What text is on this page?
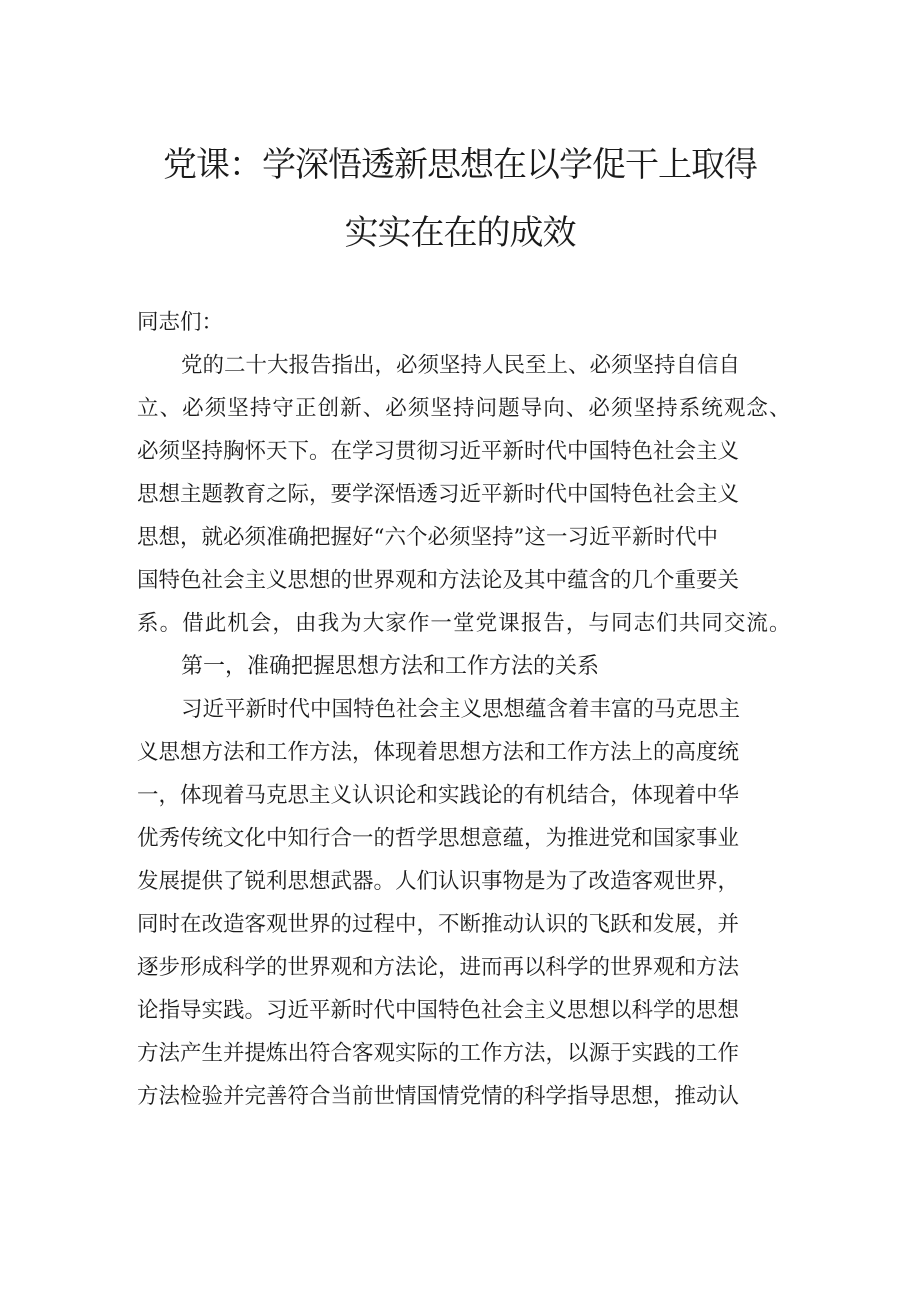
党课：学深悟透新思想在以学促干上取得
实实在在的成效
同志们：
党的二十大报告指出，必须坚持人民至上、必须坚持自信自
立、必须坚持守正创新、必须坚持问题导向、必须坚持系统观念、
必须坚持胸怀天下。在学习贯彻习近平新时代中国特色社会主义
思想主题教育之际，要学深悟透习近平新时代中国特色社会主义
思想，就必须准确把握好“六个必须坚持”这一习近平新时代中
国特色社会主义思想的世界观和方法论及其中蕴含的几个重要关
系。借此机会，由我为大家作一堂党课报告，与同志们共同交流。
第一，准确把握思想方法和工作方法的关系
习近平新时代中国特色社会主义思想蕴含着丰富的马克思主
义思想方法和工作方法，体现着思想方法和工作方法上的高度统
一，体现着马克思主义认识论和实践论的有机结合，体现着中华
优秀传统文化中知行合一的哲学思想意蕴，为推进党和国家事业
发展提供了锐利思想武器。人们认识事物是为了改造客观世界，
同时在改造客观世界的过程中，不断推动认识的飞跃和发展，并
逐步形成科学的世界观和方法论，进而再以科学的世界观和方法
论指导实践。习近平新时代中国特色社会主义思想以科学的思想
方法产生并提炼出符合客观实际的工作方法，以源于实践的工作
方法检验并完善符合当前世情国情党情的科学指导思想，推动认
